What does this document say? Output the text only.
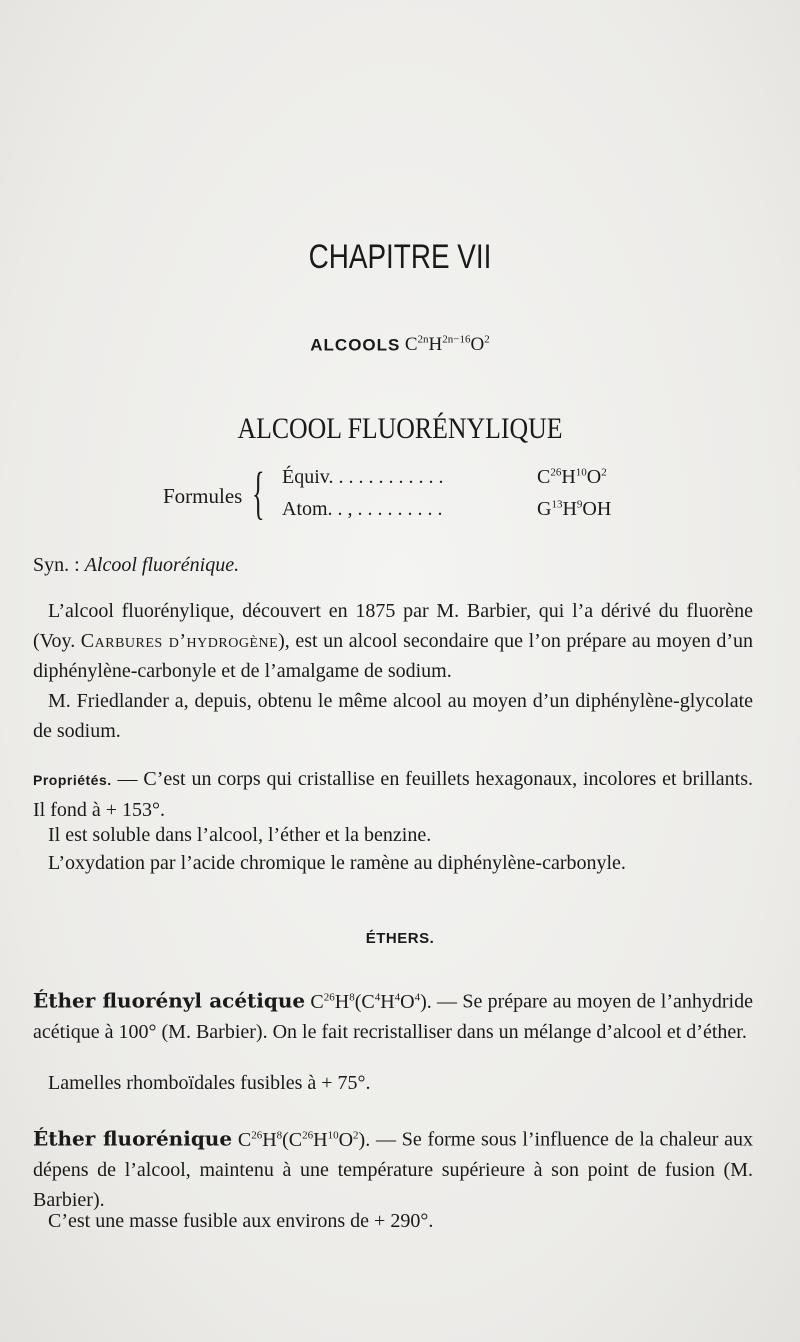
CHAPITRE VII
ALCOOLS $C^{2n}H^{2n-16}O^2$
ALCOOL FLUORÉNYLIQUE
Formules { Équiv. . . . . . . . . . . .
Atom. . , . . . . . . . . .
$C^{26}H^{10}O^2$
$G^{13}H^9OH$
Syn. : Alcool fluorénique.
L’alcool fluorénylique, découvert en 1875 par M. Barbier, qui l’a dérivé du fluorène (Voy. Carbures d’hydrogène), est un alcool secondaire que l’on prépare au moyen d’un diphénylène-carbonyle et de l’amalgame de sodium.
M. Friedlander a, depuis, obtenu le même alcool au moyen d’un diphénylène-glycolate de sodium.
Propriétés. — C’est un corps qui cristallise en feuillets hexagonaux, incolores et brillants. Il fond à + 153°.
Il est soluble dans l’alcool, l’éther et la benzine.
L’oxydation par l’acide chromique le ramène au diphénylène-carbonyle.
ÉTHERS.
Éther fluorényl acétique $C^{26}H^8(C^4H^4O^4)$. — Se prépare au moyen de l’anhydride acétique à 100° (M. Barbier). On le fait recristalliser dans un mélange d’alcool et d’éther.
Lamelles rhomboïdales fusibles à + 75°.
Éther fluorénique $C^{26}H^8(C^{26}H^{10}O^2)$. — Se forme sous l’influence de la chaleur aux dépens de l’alcool, maintenu à une température supérieure à son point de fusion (M. Barbier).
C’est une masse fusible aux environs de + 290°.
